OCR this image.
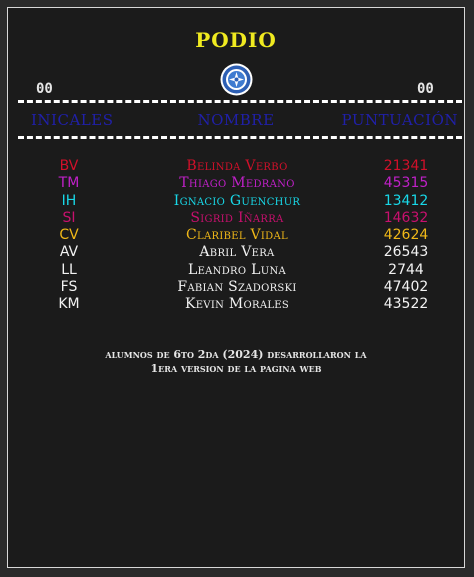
PODIO
00	00
INICALES	NOMBRE	PUNTUACIÓN
BV	Belinda Verbo	21341
TM	Thiago Medrano	45315
IH	Ignacio Guenchur	13412
SI	Sigrid Iñarra	14632
CV	Claribel Vidal	42624
AV	Abril Vera	26543
LL	Leandro Luna	2744
FS	Fabian Szadorski	47402
KM	Kevin Morales	43522
alumnos de 6to 2da (2024) desarrollaron la
1era version de la pagina web
